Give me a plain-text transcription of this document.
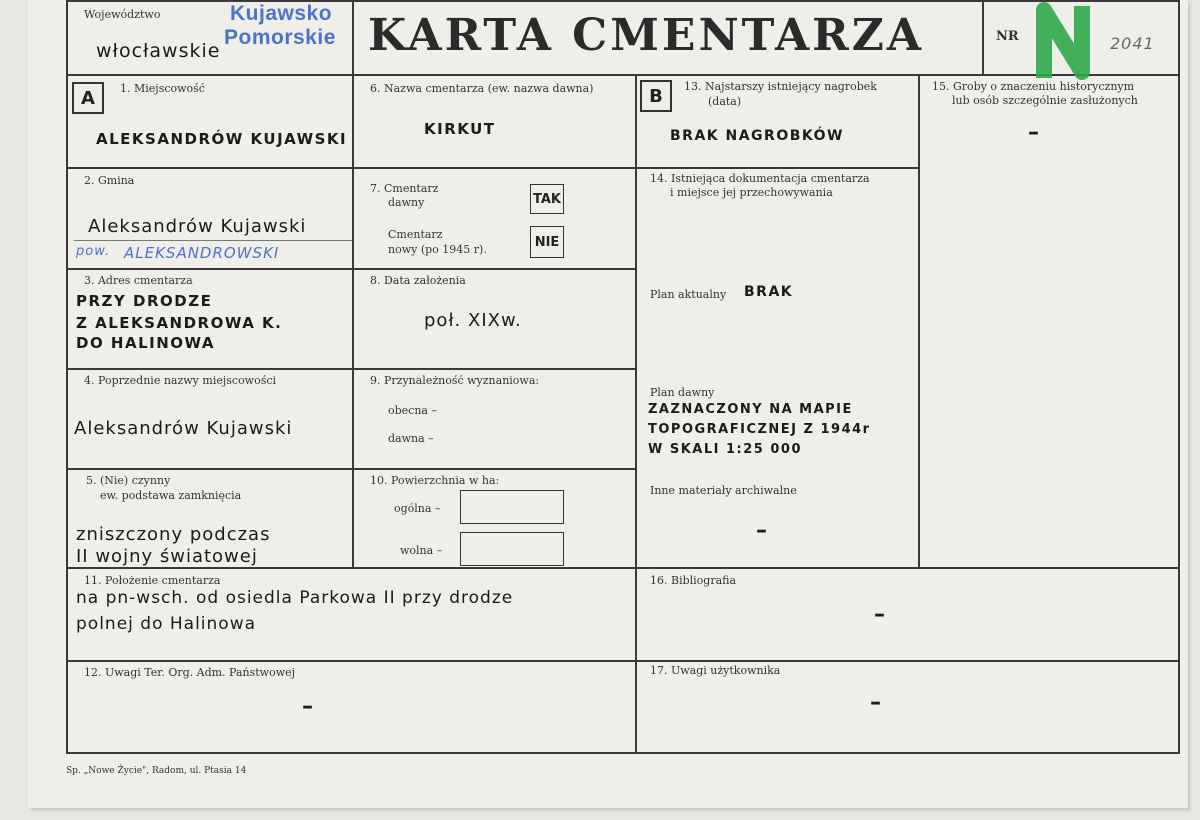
Województwo
włocławskie
Kujawsko
Pomorskie KARTA CMENTARZA	NR	2041
A	B
1. Miejscowość
ALEKSANDRÓW KUJAWSKI
2. Gmina
Aleksandrów Kujawski
pow. ALEKSANDROWSKI
3. Adres cmentarza
PRZY DRODZE
Z ALEKSANDROWA K.
DO HALINOWA
4. Poprzednie nazwy miejscowości
Aleksandrów Kujawski
5. (Nie) czynny
ew. podstawa zamknięcia
zniszczony podczas
II wojny światowej
6. Nazwa cmentarza (ew. nazwa dawna)
KIRKUT
7. Cmentarz
dawny
Cmentarz
nowy (po 1945 r).
TAK
NIE
8. Data założenia
poł. XIXw.
9. Przynależność wyznaniowa:
obecna –
dawna –
10. Powierzchnia w ha:
ogólna –
wolna –
11. Położenie cmentarza
na pn-wsch. od osiedla Parkowa II przy drodze
polnej do Halinowa
12. Uwagi Ter. Org. Adm. Państwowej
–
13. Najstarszy istniejący nagrobek
(data)
BRAK NAGROBKÓW
14. Istniejąca dokumentacja cmentarza
i miejsce jej przechowywania
Plan aktualny BRAK
Plan dawny
ZAZNACZONY NA MAPIE
TOPOGRAFICZNEJ Z 1944r
W SKALI 1:25 000
Inne materiały archiwalne
–
15. Groby o znaczeniu historycznym
lub osób szczególnie zasłużonych
–
16. Bibliografia
–
17. Uwagi użytkownika
–
Sp. „Nowe Życie", Radom, ul. Ptasia 14
